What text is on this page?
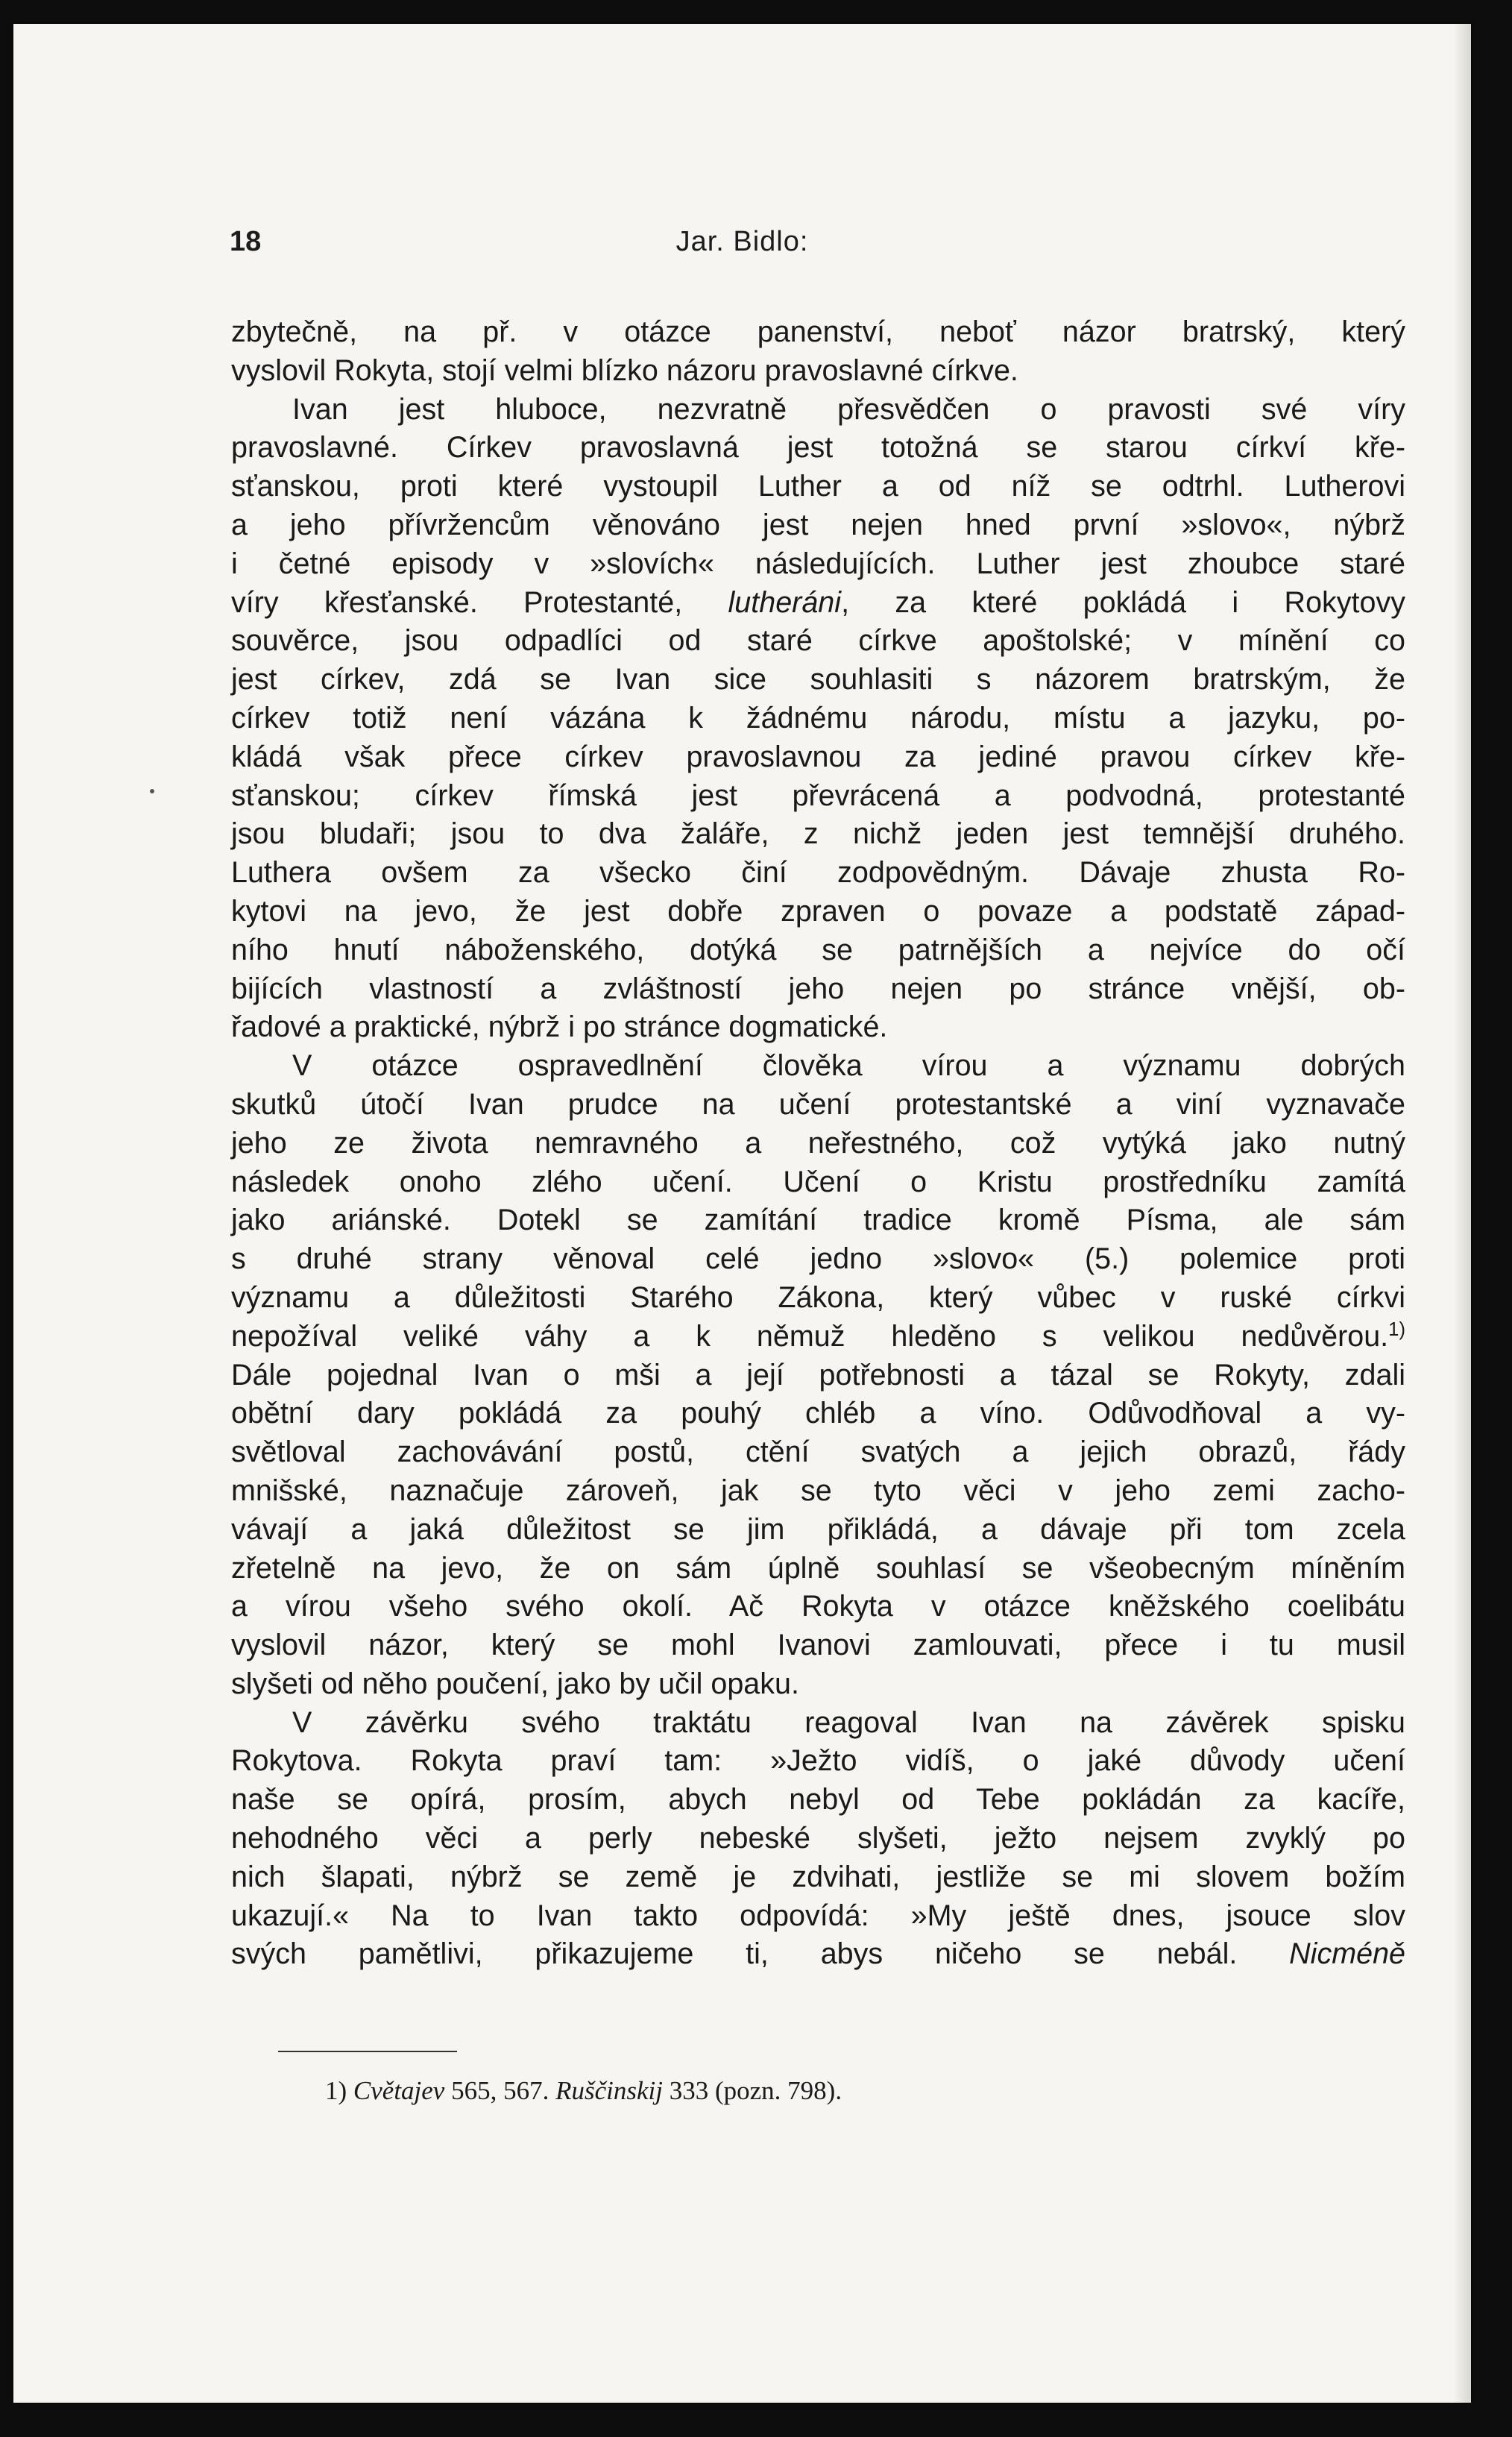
18	Jar. Bidlo:
zbytečně, na př. v otázce panenství, neboť názor bratrský, který
vyslovil Rokyta, stojí velmi blízko názoru pravoslavné církve.
Ivan jest hluboce, nezvratně přesvědčen o pravosti své víry
pravoslavné. Církev pravoslavná jest totožná se starou církví kře-
sťanskou, proti které vystoupil Luther a od níž se odtrhl. Lutherovi
a jeho přívržencům věnováno jest nejen hned první »slovo«, nýbrž
i četné episody v »slovích« následujících. Luther jest zhoubce staré
víry křesťanské. Protestanté, lutheráni, za které pokládá i Rokytovy
souvěrce, jsou odpadlíci od staré církve apoštolské; v mínění co
jest církev, zdá se Ivan sice souhlasiti s názorem bratrským, že
církev totiž není vázána k žádnému národu, místu a jazyku, po-
kládá však přece církev pravoslavnou za jediné pravou církev kře-
sťanskou; církev římská jest převrácená a podvodná, protestanté
jsou bludaři; jsou to dva žaláře, z nichž jeden jest temnější druhého.
Luthera ovšem za všecko činí zodpovědným. Dávaje zhusta Ro-
kytovi na jevo, že jest dobře zpraven o povaze a podstatě západ-
ního hnutí náboženského, dotýká se patrnějších a nejvíce do očí
bijících vlastností a zvláštností jeho nejen po stránce vnější, ob-
řadové a praktické, nýbrž i po stránce dogmatické.
V otázce ospravedlnění člověka vírou a významu dobrých
skutků útočí Ivan prudce na učení protestantské a viní vyznavače
jeho ze života nemravného a neřestného, což vytýká jako nutný
následek onoho zlého učení. Učení o Kristu prostředníku zamítá
jako ariánské. Dotekl se zamítání tradice kromě Písma, ale sám
s druhé strany věnoval celé jedno »slovo« (5.) polemice proti
významu a důležitosti Starého Zákona, který vůbec v ruské církvi
nepožíval veliké váhy a k němuž hleděno s velikou nedůvěrou.$^{1)}$
Dále pojednal Ivan o mši a její potřebnosti a tázal se Rokyty, zdali
obětní dary pokládá za pouhý chléb a víno. Odůvodňoval a vy-
světloval zachovávání postů, ctění svatých a jejich obrazů, řády
mnišské, naznačuje zároveň, jak se tyto věci v jeho zemi zacho-
vávají a jaká důležitost se jim přikládá, a dávaje při tom zcela
zřetelně na jevo, že on sám úplně souhlasí se všeobecným míněním
a vírou všeho svého okolí. Ač Rokyta v otázce kněžského coelibátu
vyslovil názor, který se mohl Ivanovi zamlouvati, přece i tu musil
slyšeti od něho poučení, jako by učil opaku.
V závěrku svého traktátu reagoval Ivan na závěrek spisku
Rokytova. Rokyta praví tam: »Ježto vidíš, o jaké důvody učení
naše se opírá, prosím, abych nebyl od Tebe pokládán za kacíře,
nehodného věci a perly nebeské slyšeti, ježto nejsem zvyklý po
nich šlapati, nýbrž se země je zdvihati, jestliže se mi slovem božím
ukazují.« Na to Ivan takto odpovídá: »My ještě dnes, jsouce slov
svých pamětlivi, přikazujeme ti, abys ničeho se nebál. Nicméně
1) Cvětajev 565, 567. Ruščinskij 333 (pozn. 798).
